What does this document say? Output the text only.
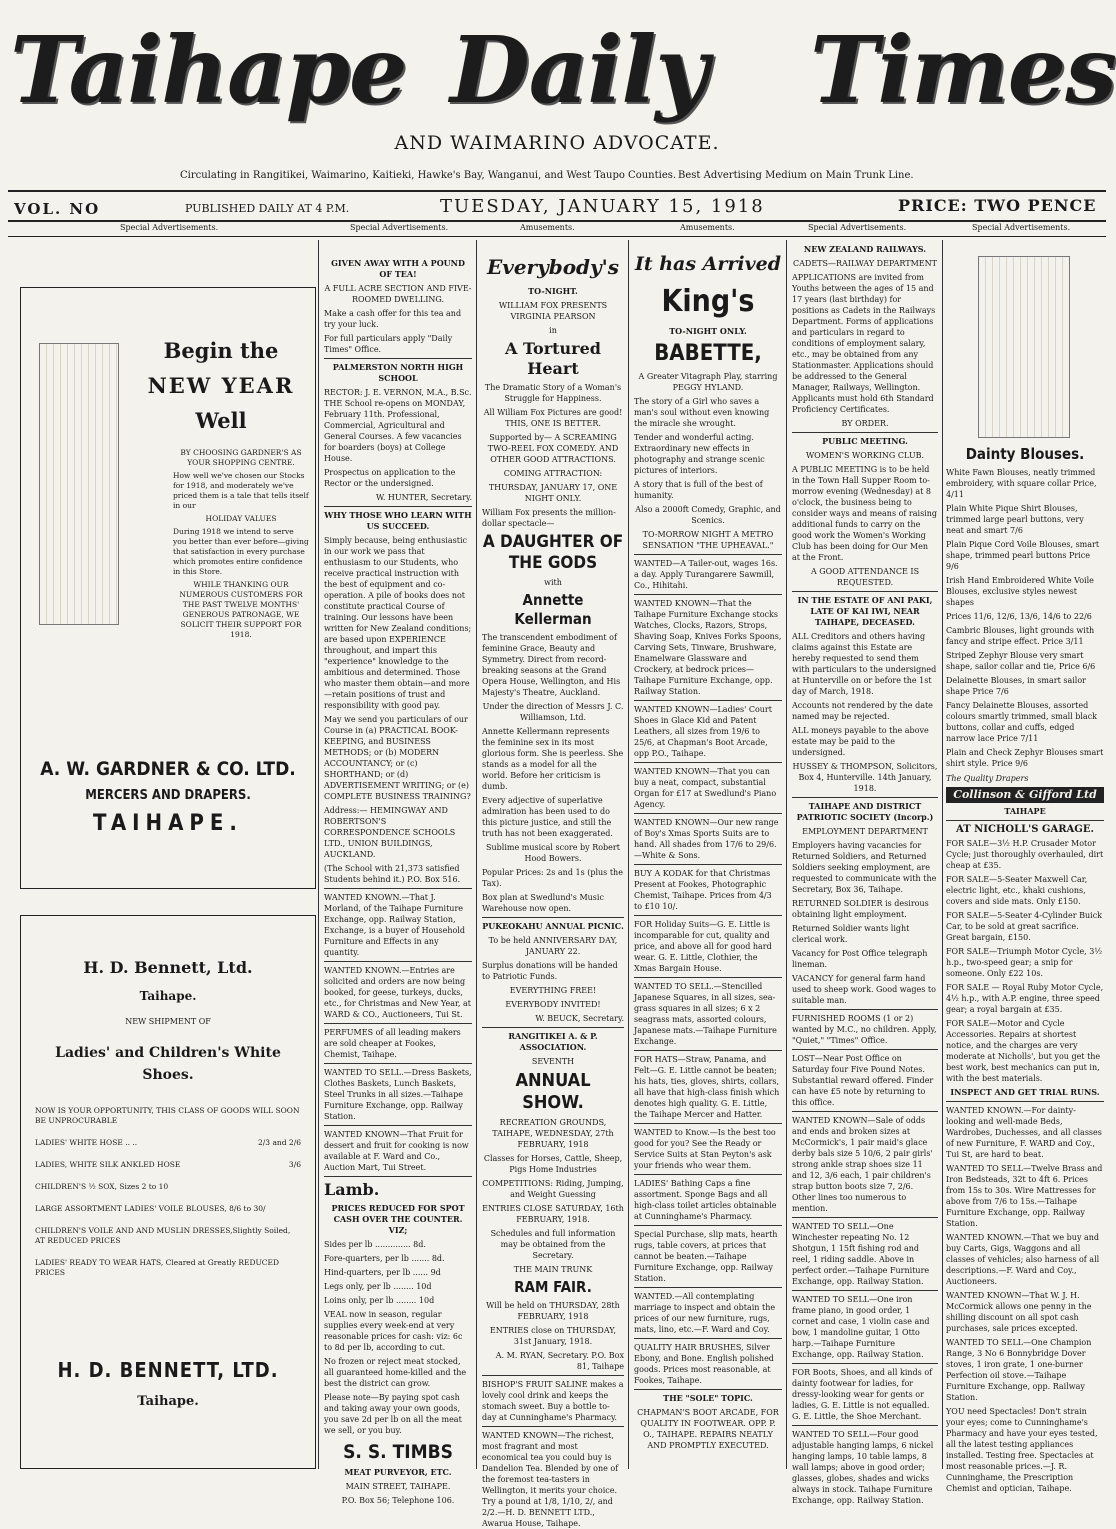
Taihape Daily Times
AND WAIMARINO ADVOCATE.
Circulating in Rangitikei, Waimarino, Kaitieki, Hawke's Bay, Wanganui, and West Taupo Counties. Best Advertising Medium on Main Trunk Line.
VOL. NO	PUBLISHED DAILY AT 4 P.M.	TUESDAY, JANUARY 15, 1918	PRICE: TWO PENCE
Special Advertisements.	Special Advertisements.	Amusements.	Amusements.	Special Advertisements.	Special Advertisements.
Begin the
NEW YEAR
Well

BY CHOOSING GARDNER'S AS YOUR SHOPPING CENTRE.

How well we've chosen our Stocks for 1918, and moderately we've priced them is a tale that tells itself in our

HOLIDAY VALUES

During 1918 we intend to serve you better than ever before—giving that satisfaction in every purchase which promotes entire confidence in this Store.

WHILE THANKING OUR NUMEROUS CUSTOMERS FOR THE PAST TWELVE MONTHS' GENEROUS PATRONAGE, WE SOLICIT THEIR SUPPORT FOR 1918.

A. W. GARDNER & CO. LTD.
MERCERS AND DRAPERS.
TAIHAPE.
H. D. Bennett, Ltd.
Taihape.
NEW SHIPMENT OF
Ladies' and Children's White Shoes.
NOW IS YOUR OPPORTUNITY, THIS CLASS OF GOODS WILL SOON BE UNPROCURABLE
LADIES' WHITE HOSE .. ..	2/3 and 2/6
LADIES, WHITE SILK ANKLED HOSE	3/6
CHILDREN'S ½ SOX, Sizes 2 to 10
LARGE ASSORTMENT LADIES' VOILE BLOUSES, 8/6 to 30/
CHILDREN'S VOILE AND AND MUSLIN DRESSES,Slightly Soiled, AT REDUCED PRICES
LADIES' READY TO WEAR HATS, Cleared at Greatly REDUCED PRICES
H. D. BENNETT, LTD.
Taihape.

GIVEN AWAY WITH A POUND OF TEA!

A FULL ACRE SECTION AND FIVE-ROOMED DWELLING.

Make a cash offer for this tea and try your luck.

For full particulars apply "Daily Times" Office.

PALMERSTON NORTH HIGH SCHOOL

RECTOR: J. E. VERNON, M.A., B.Sc. THE School re-opens on MONDAY, February 11th. Professional, Commercial, Agricultural and General Courses. A few vacancies for boarders (boys) at College House.

Prospectus on application to the Rector or the undersigned.

W. HUNTER, Secretary.

WHY THOSE WHO LEARN WITH US SUCCEED.

Simply because, being enthusiastic in our work we pass that enthusiasm to our Students, who receive practical instruction with the best of equipment and co-operation. A pile of books does not constitute practical Course of training. Our lessons have been written for New Zealand conditions; are based upon EXPERIENCE throughout, and impart this "experience" knowledge to the ambitious and determined. Those who master them obtain—and more—retain positions of trust and responsibility with good pay.

May we send you particulars of our Course in (a) PRACTICAL BOOK-KEEPING, and BUSINESS METHODS; or (b) MODERN ACCOUNTANCY; or (c) SHORTHAND; or (d) ADVERTISEMENT WRITING; or (e) COMPLETE BUSINESS TRAINING?

Address:— HEMINGWAY AND ROBERTSON'S CORRESPONDENCE SCHOOLS LTD., UNION BUILDINGS, AUCKLAND.

(The School with 21,373 satisfied Students behind it.) P.O. Box 516.

WANTED KNOWN.—That J. Morland, of the Taihape Furniture Exchange, opp. Railway Station, Exchange, is a buyer of Household Furniture and Effects in any quantity.

WANTED KNOWN.—Entries are solicited and orders are now being booked, for geese, turkeys, ducks, etc., for Christmas and New Year, at WARD & CO., Auctioneers, Tui St.

PERFUMES of all leading makers are sold cheaper at Fookes, Chemist, Taihape.

WANTED TO SELL.—Dress Baskets, Clothes Baskets, Lunch Baskets, Steel Trunks in all sizes.—Taihape Furniture Exchange, opp. Railway Station.

WANTED KNOWN—That Fruit for dessert and fruit for cooking is now available at F. Ward and Co., Auction Mart, Tui Street.

Lamb.

PRICES REDUCED FOR SPOT CASH OVER THE COUNTER. VIZ;

Sides per lb .............. 8d.

Fore-quarters, per lb ....... 8d.

Hind-quarters, per lb ...... 9d

Legs only, per lb ........ 10d

Loins only, per lb ........ 10d

VEAL now in season, regular supplies every week-end at very reasonable prices for cash: viz: 6c to 8d per lb, according to cut.

No frozen or reject meat stocked, all guaranteed home-killed and the best the district can grow.

Please note—By paying spot cash and taking away your own goods, you save 2d per lb on all the meat we sell, or you buy.

S. S. TIMBS

MEAT PURVEYOR, ETC.

MAIN STREET, TAIHAPE.

P.O. Box 56; Telephone 106.

Everybody's

TO-NIGHT.

WILLIAM FOX PRESENTS VIRGINIA PEARSON

in

A Tortured Heart

The Dramatic Story of a Woman's Struggle for Happiness.

All William Fox Pictures are good! THIS, ONE IS BETTER.

Supported by— A SCREAMING TWO-REEL FOX COMEDY. AND OTHER GOOD ATTRACTIONS.

COMING ATTRACTION:

THURSDAY, JANUARY 17, ONE NIGHT ONLY.

William Fox presents the million-dollar spectacle—

A DAUGHTER OF THE GODS

with

Annette Kellerman

The transcendent embodiment of feminine Grace, Beauty and Symmetry. Direct from record-breaking seasons at the Grand Opera House, Wellington, and His Majesty's Theatre, Auckland.

Under the direction of Messrs J. C. Williamson, Ltd.

Annette Kellermann represents the feminine sex in its most glorious form. She is peerless. She stands as a model for all the world. Before her criticism is dumb.

Every adjective of superlative admiration has been used to do this picture justice, and still the truth has not been exaggerated.

Sublime musical score by Robert Hood Bowers.

Popular Prices: 2s and 1s (plus the Tax).

Box plan at Swedlund's Music Warehouse now open.

PUKEOKAHU ANNUAL PICNIC.

To be held ANNIVERSARY DAY, JANUARY 22.

Surplus donations will be handed to Patriotic Funds.

EVERYTHING FREE!

EVERYBODY INVITED!

W. BEUCK, Secretary.

RANGITIKEI A. & P. ASSOCIATION.

SEVENTH

ANNUAL SHOW.

RECREATION GROUNDS, TAIHAPE, WEDNESDAY, 27th FEBRUARY, 1918

Classes for Horses, Cattle, Sheep, Pigs Home Industries

COMPETITIONS: Riding, Jumping, and Weight Guessing

ENTRIES CLOSE SATURDAY, 16th FEBRUARY, 1918.

Schedules and full information may be obtained from the Secretary.

THE MAIN TRUNK

RAM FAIR.

Will be held on THURSDAY, 28th FEBRUARY, 1918

ENTRIES close on THURSDAY, 31st January, 1918.

A. M. RYAN, Secretary. P.O. Box 81, Taihape

BISHOP'S FRUIT SALINE makes a lovely cool drink and keeps the stomach sweet. Buy a bottle to-day at Cunninghame's Pharmacy.

WANTED KNOWN—The richest, most fragrant and most economical tea you could buy is Dandelion Tea. Blended by one of the foremost tea-tasters in Wellington, it merits your choice. Try a pound at 1/8, 1/10, 2/, and 2/2.—H. D. BENNETT LTD., Awarua House, Taihape.

It has Arrived

King's

TO-NIGHT ONLY.

BABETTE,

A Greater Vitagraph Play, starring PEGGY HYLAND.

The story of a Girl who saves a man's soul without even knowing the miracle she wrought.

Tender and wonderful acting. Extraordinary new effects in photography and strange scenic pictures of interiors.

A story that is full of the best of humanity.

Also a 2000ft Comedy, Graphic, and Scenics.

TO-MORROW NIGHT A METRO SENSATION "THE UPHEAVAL."

WANTED—A Tailer-out, wages 16s. a day. Apply Turangarere Sawmill, Co., Hihitahi.

WANTED KNOWN—That the Taihape Furniture Exchange stocks Watches, Clocks, Razors, Strops, Shaving Soap, Knives Forks Spoons, Carving Sets, Tinware, Brushware, Enamelware Glassware and Crockery, at bedrock prices—Taihape Furniture Exchange, opp. Railway Station.

WANTED KNOWN—Ladies' Court Shoes in Glace Kid and Patent Leathers, all sizes from 19/6 to 25/6, at Chapman's Boot Arcade, opp P.O., Taihape.

WANTED KNOWN—That you can buy a neat, compact, substantial Organ for £17 at Swedlund's Piano Agency.

WANTED KNOWN—Our new range of Boy's Xmas Sports Suits are to hand. All shades from 17/6 to 29/6. —White & Sons.

BUY A KODAK for that Christmas Present at Fookes, Photographic Chemist, Taihape. Prices from 4/3 to £10 10/.

FOR Holiday Suits—G. E. Little is incomparable for cut, quality and price, and above all for good hard wear. G. E. Little, Clothier, the Xmas Bargain House.

WANTED TO SELL.—Stencilled Japanese Squares, in all sizes, sea-grass squares in all sizes; 6 x 2 seagrass mats, assorted colours, Japanese mats.—Taihape Furniture Exchange.

FOR HATS—Straw, Panama, and Felt—G. E. Little cannot be beaten; his hats, ties, gloves, shirts, collars, all have that high-class finish which denotes high quality. G. E. Little, the Taihape Mercer and Hatter.

WANTED to Know.—Is the best too good for you? See the Ready or Service Suits at Stan Peyton's ask your friends who wear them.

LADIES' Bathing Caps a fine assortment. Sponge Bags and all high-class toilet articles obtainable at Cunninghame's Pharmacy.

Special Purchase, slip mats, hearth rugs, table covers, at prices that cannot be beaten.—Taihape Furniture Exchange, opp. Railway Station.

WANTED.—All contemplating marriage to inspect and obtain the prices of our new furniture, rugs, mats, lino, etc.—F. Ward and Coy.

QUALITY HAIR BRUSHES, Silver Ebony, and Bone. English polished goods. Prices most reasonable, at Fookes, Taihape.

THE "SOLE" TOPIC.

CHAPMAN'S BOOT ARCADE, FOR QUALITY IN FOOTWEAR. OPP. P. O., TAIHAPE. REPAIRS NEATLY AND PROMPTLY EXECUTED.

NEW ZEALAND RAILWAYS.

CADETS—RAILWAY DEPARTMENT

APPLICATIONS are invited from Youths between the ages of 15 and 17 years (last birthday) for positions as Cadets in the Railways Department. Forms of applications and particulars in regard to conditions of employment salary, etc., may be obtained from any Stationmaster. Applications should be addressed to the General Manager, Railways, Wellington. Applicants must hold 6th Standard Proficiency Certificates.

BY ORDER.

PUBLIC MEETING.

WOMEN'S WORKING CLUB.

A PUBLIC MEETING is to be held in the Town Hall Supper Room to-morrow evening (Wednesday) at 8 o'clock, the business being to consider ways and means of raising additional funds to carry on the good work the Women's Working Club has been doing for Our Men at the Front.

A GOOD ATTENDANCE IS REQUESTED.

IN THE ESTATE OF ANI PAKI, LATE OF KAI IWI, NEAR TAIHAPE, DECEASED.

ALL Creditors and others having claims against this Estate are hereby requested to send them with particulars to the undersigned at Hunterville on or before the 1st day of March, 1918.

Accounts not rendered by the date named may be rejected.

ALL moneys payable to the above estate may be paid to the undersigned.

HUSSEY & THOMPSON, Solicitors, Box 4, Hunterville. 14th January, 1918.

TAIHAPE AND DISTRICT PATRIOTIC SOCIETY (Incorp.)

EMPLOYMENT DEPARTMENT

Employers having vacancies for Returned Soldiers, and Returned Soldiers seeking employment, are requested to communicate with the Secretary, Box 36, Taihape.

RETURNED SOLDIER is desirous obtaining light employment.

Returned Soldier wants light clerical work.

Vacancy for Post Office telegraph lineman.

VACANCY for general farm hand used to sheep work. Good wages to suitable man.

FURNISHED ROOMS (1 or 2) wanted by M.C., no children. Apply, "Quiet," "Times" Office.

LOST—Near Post Office on Saturday four Five Pound Notes. Substantial reward offered. Finder can have £5 note by returning to this office.

WANTED KNOWN—Sale of odds and ends and broken sizes at McCormick's, 1 pair maid's glace derby bals size 5 10/6, 2 pair girls' strong ankle strap shoes size 11 and 12, 3/6 each, 1 pair children's strap button boots size 7, 2/6. Other lines too numerous to mention.

WANTED TO SELL—One Winchester repeating No. 12 Shotgun, 1 15ft fishing rod and reel, 1 riding saddle. Above in perfect order.—Taihape Furniture Exchange, opp. Railway Station.

WANTED TO SELL—One iron frame piano, in good order, 1 cornet and case, 1 violin case and bow, 1 mandoline guitar, 1 Otto harp.—Taihape Furniture Exchange, opp. Railway Station.

FOR Boots, Shoes, and all kinds of dainty footwear for ladies, for dressy-looking wear for gents or ladies, G. E. Little is not equalled. G. E. Little, the Shoe Merchant.

WANTED TO SELL—Four good adjustable hanging lamps, 6 nickel hanging lamps, 10 table lamps, 8 wall lamps; above in good order; glasses, globes, shades and wicks always in stock. Taihape Furniture Exchange, opp. Railway Station.

Dainty Blouses.

White Fawn Blouses, neatly trimmed embroidery, with square collar Price, 4/11

Plain White Pique Shirt Blouses, trimmed large pearl buttons, very neat and smart 7/6

Plain Pique Cord Voile Blouses, smart shape, trimmed pearl buttons Price 9/6

Irish Hand Embroidered White Voile Blouses, exclusive styles newest shapes

Prices 11/6, 12/6, 13/6, 14/6 to 22/6

Cambric Blouses, light grounds with fancy and stripe effect. Price 3/11

Striped Zephyr Blouse very smart shape, sailor collar and tie, Price 6/6

Delainette Blouses, in smart sailor shape Price 7/6

Fancy Delainette Blouses, assorted colours smartly trimmed, small black buttons, collar and cuffs, edged narrow lace Price 7/11

Plain and Check Zephyr Blouses smart shirt style. Price 9/6

The Quality Drapers

Collinson & Gifford Ltd

TAIHAPE

AT NICHOLL'S GARAGE.

FOR SALE—3½ H.P. Crusader Motor Cycle; just thoroughly overhauled, dirt cheap at £35.

FOR SALE—5-Seater Maxwell Car, electric light, etc., khaki cushions, covers and side mats. Only £150.

FOR SALE—5-Seater 4-Cylinder Buick Car, to be sold at great sacrifice. Great bargain, £150.

FOR SALE—Triumph Motor Cycle, 3½ h.p., two-speed gear; a snip for someone. Only £22 10s.

FOR SALE — Royal Ruby Motor Cycle, 4½ h.p., with A.P. engine, three speed gear; a royal bargain at £35.

FOR SALE—Motor and Cycle Accessories. Repairs at shortest notice, and the charges are very moderate at Nicholls', but you get the best work, best mechanics can put in, with the best materials.

INSPECT AND GET TRIAL RUNS.

WANTED KNOWN.—For dainty-looking and well-made Beds, Wardrobes, Duchesses, and all classes of new Furniture, F. WARD and Coy., Tui St, are hard to beat.

WANTED TO SELL—Twelve Brass and Iron Bedsteads, 32t to 4ft 6. Prices from 15s to 30s. Wire Mattresses for above from 7/6 to 15s.—Taihape Furniture Exchange, opp. Railway Station.

WANTED KNOWN.—That we buy and buy Carts, Gigs, Waggons and all classes of vehicles; also harness of all descriptions.—F. Ward and Coy., Auctioneers.

WANTED KNOWN—That W. J. H. McCormick allows one penny in the shilling discount on all spot cash purchases, sale prices excepted.

WANTED TO SELL—One Champion Range, 3 No 6 Bonnybridge Dover stoves, 1 iron grate, 1 one-burner Perfection oil stove.—Taihape Furniture Exchange, opp. Railway Station.

YOU need Spectacles! Don't strain your eyes; come to Cunninghame's Pharmacy and have your eyes tested, all the latest testing appliances installed. Testing free. Spectacles at most reasonable prices.—J. R. Cunninghame, the Prescription Chemist and optician, Taihape.
